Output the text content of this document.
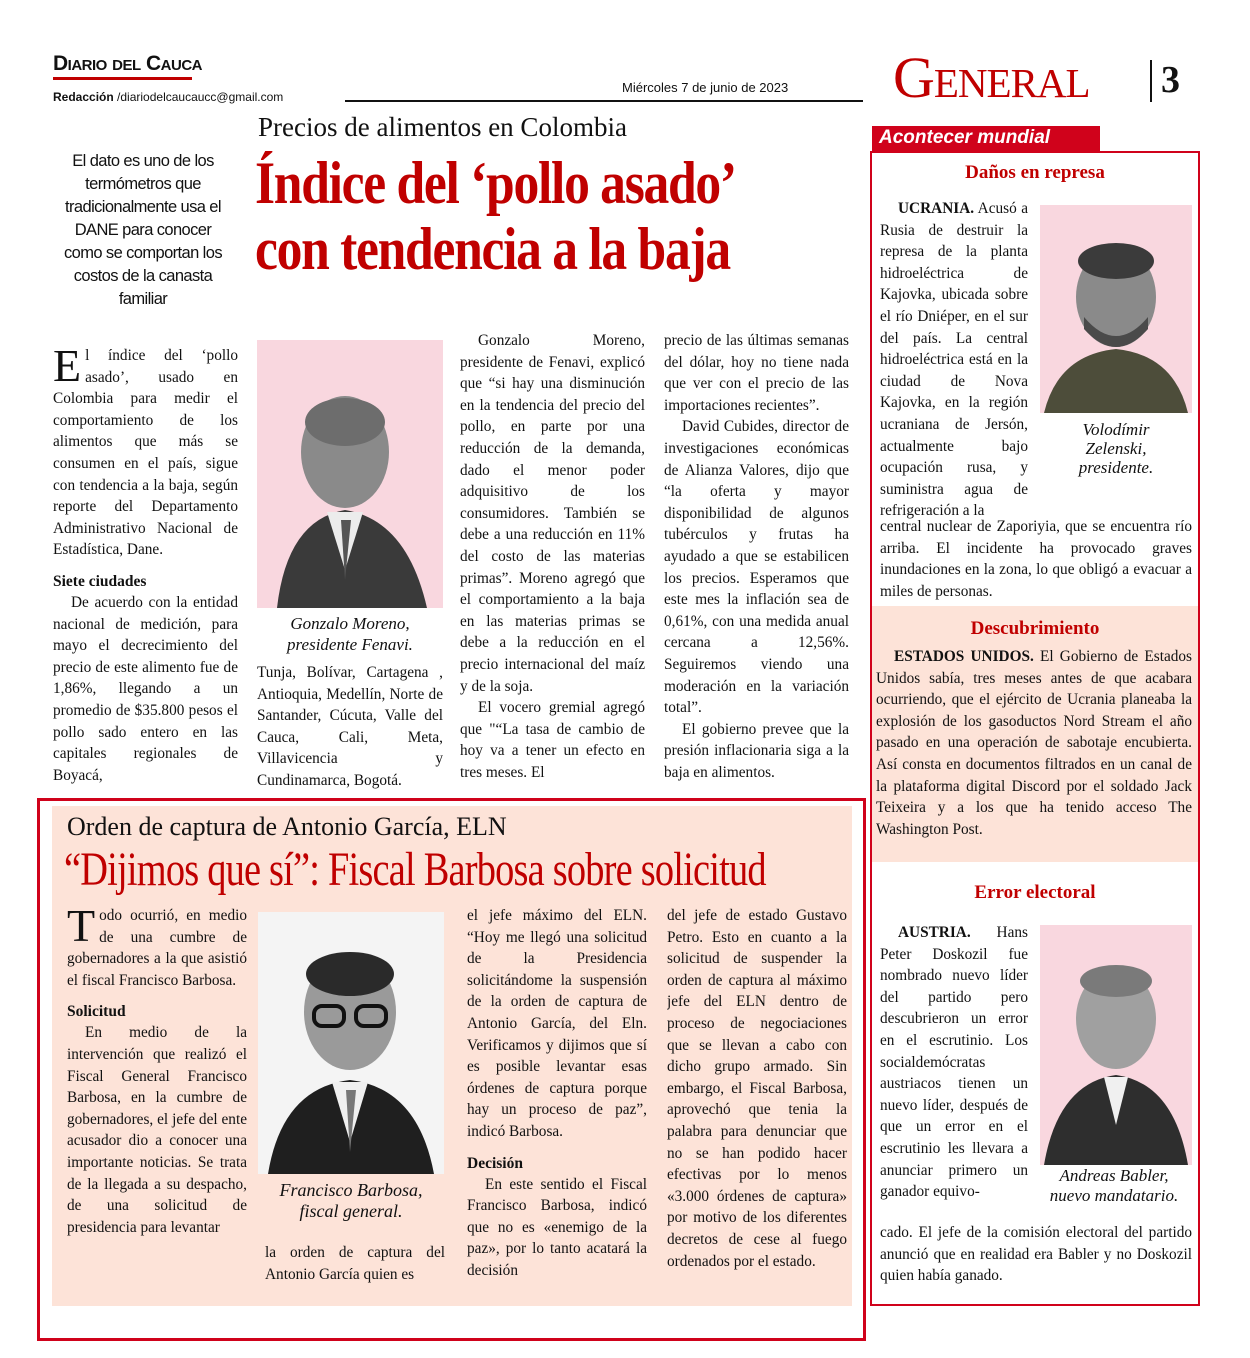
Diario del Cauca
Redacción /diariodelcaucaucc@gmail.com
Miércoles 7 de junio de 2023 General 3
Precios de alimentos en Colombia
Índice del ‘pollo asado’
con tendencia a la baja
El dato es uno de los termómetros que tradicionalmente usa el DANE para conocer como se comportan los costos de la canasta familiar

El índice del ‘pollo asado’, usado en Colombia para medir el comportamiento de los alimentos que más se consumen en el país, sigue con tendencia a la baja, según reporte del Departamento Administrativo Nacional de Estadística, Dane.

Siete ciudades

De acuerdo con la entidad nacional de medición, para mayo el decrecimiento del precio de este alimento fue de 1,86%, llegando a un promedio de $35.800 pesos el pollo sado entero en las capitales regionales de Boyacá,

Gonzalo Moreno,
presidente Fenavi.

Tunja, Bolívar, Cartagena , Antioquia, Medellín, Norte de Santander, Cúcuta, Valle del Cauca, Cali, Meta, Villavicencia y Cundinamarca, Bogotá.

Gonzalo Moreno, presidente de Fenavi, explicó que “si hay una disminución en la tendencia del precio del pollo, en parte por una reducción de la demanda, dado el menor poder adquisitivo de los consumidores. También se debe a una reducción en 11% del costo de las materias primas”. Moreno agregó que el comportamiento a la baja en las materias primas se debe a la reducción en el precio internacional del maíz y de la soja.

El vocero gremial agregó que "“La tasa de cambio de hoy va a tener un efecto en tres meses. El

precio de las últimas semanas del dólar, hoy no tiene nada que ver con el precio de las importaciones recientes”.

David Cubides, director de investigaciones económicas de Alianza Valores, dijo que “la oferta y mayor disponibilidad de algunos tubérculos y frutas ha ayudado a que se estabilicen los precios. Esperamos que este mes la inflación sea de 0,61%, con una medida anual cercana a 12,56%. Seguiremos viendo una moderación en la variación total”.

El gobierno prevee que la presión inflacionaria siga a la baja en alimentos.

Orden de captura de Antonio García, ELN
“Dijimos que sí”: Fiscal Barbosa sobre solicitud

Todo ocurrió, en medio de una cumbre de gobernadores a la que asistió el fiscal Francisco Barbosa.

Solicitud

En medio de la intervención que realizó el Fiscal General Francisco Barbosa, en la cumbre de gobernadores, el jefe del ente acusador dio a conocer una importante noticias. Se trata de la llegada a su despacho, de una solicitud de presidencia para levantar

Francisco Barbosa,
fiscal general.

la orden de captura del Antonio García quien es

el jefe máximo del ELN. “Hoy me llegó una solicitud de la Presidencia solicitándome la suspensión de la orden de captura de Antonio García, del Eln. Verificamos y dijimos que sí es posible levantar esas órdenes de captura porque hay un proceso de paz”, indicó Barbosa.

Decisión

En este sentido el Fiscal Francisco Barbosa, indicó que no es «enemigo de la paz», por lo tanto acatará la decisión

del jefe de estado Gustavo Petro. Esto en cuanto a la solicitud de suspender la orden de captura al máximo jefe del ELN dentro de proceso de negociaciones que se llevan a cabo con dicho grupo armado. Sin embargo, el Fiscal Barbosa, aprovechó que tenia la palabra para denunciar que no se han podido hacer efectivas por lo menos «3.000 órdenes de captura» por motivo de los diferentes decretos de cese al fuego ordenados por el estado.

Acontecer mundial
Daños en represa
Volodímir
Zelenski,
presidente.

UCRANIA. Acusó a Rusia de destruir la represa de la planta hidroeléctrica de Kajovka, ubicada sobre el río Dniéper, en el sur del país. La central hidroeléctrica está en la ciudad de Nova Kajovka, en la región ucraniana de Jersón, actualmente bajo ocupación rusa, y suministra agua de refrigeración a la

central nuclear de Zaporiyia, que se encuentra río arriba. El incidente ha provocado graves inundaciones en la zona, lo que obligó a evacuar a miles de personas.

Descubrimiento

ESTADOS UNIDOS. El Gobierno de Estados Unidos sabía, tres meses antes de que acabara ocurriendo, que el ejército de Ucrania planeaba la explosión de los gasoductos Nord Stream el año pasado en una operación de sabotaje encubierta. Así consta en documentos filtrados en un canal de la plataforma digital Discord por el soldado Jack Teixeira y a los que ha tenido acceso The Washington Post.

Error electoral
Andreas Babler,
nuevo mandatario.

AUSTRIA. Hans Peter Doskozil fue nombrado nuevo líder del partido pero descubrieron un error en el escrutinio. Los socialdemócratas austriacos tienen un nuevo líder, después de que un error en el escrutinio les llevara a anunciar primero un ganador equivo-

cado. El jefe de la comisión electoral del partido anunció que en realidad era Babler y no Doskozil quien había ganado.
